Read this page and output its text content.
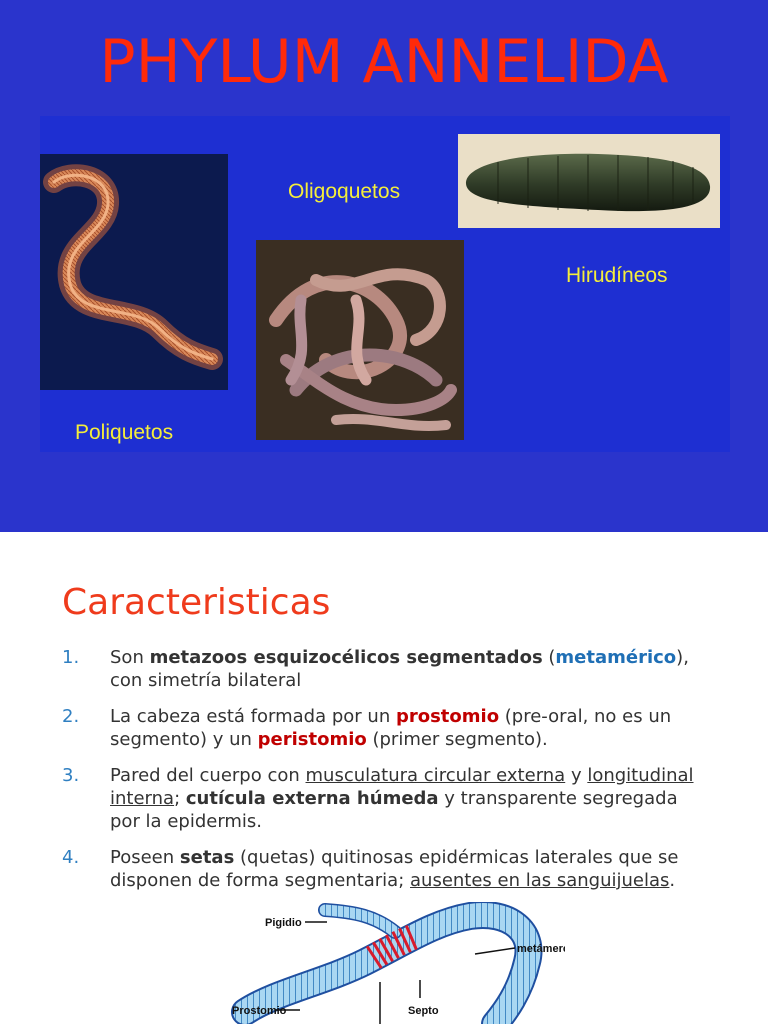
PHYLUM ANNELIDA
Oligoquetos
Hirudíneos
Poliquetos
Caracteristicas
1. Son metazoos esquizocélicos segmentados (metamérico), con simetría bilateral
2. La cabeza está formada por un prostomio (pre-oral, no es un segmento) y un peristomio (primer segmento).
3. Pared del cuerpo con musculatura circular externa y longitudinal interna; cutícula externa húmeda y transparente segregada por la epidermis.
4. Poseen setas (quetas) quitinosas epidérmicas laterales que se disponen de forma segmentaria; ausentes en las sanguijuelas.
Pigidio
metámero
Prostomio	Septo
